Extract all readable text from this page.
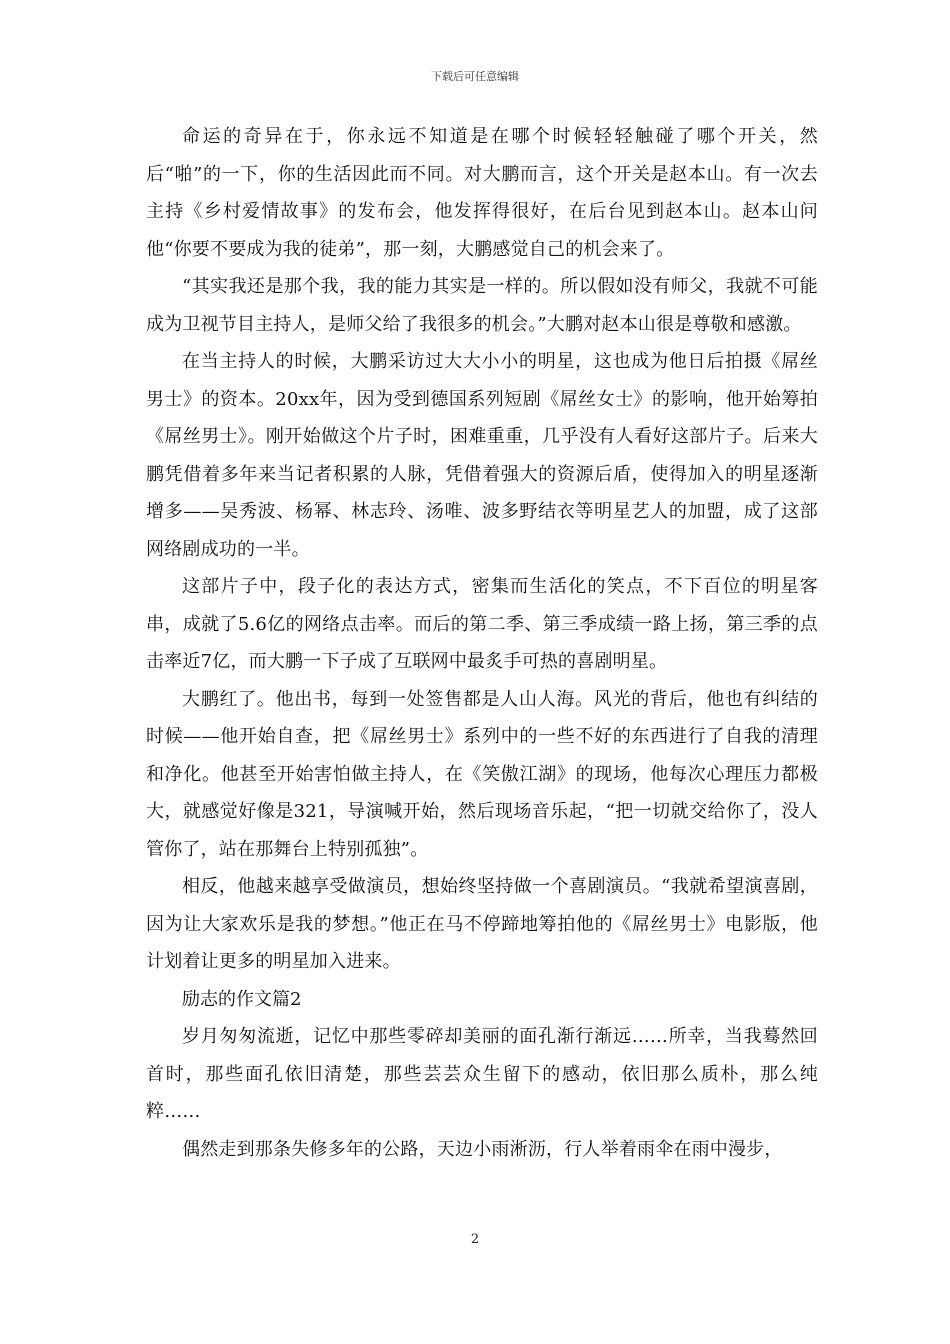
下载后可任意编辑

命运的奇异在于，你永远不知道是在哪个时候轻轻触碰了哪个开关，然后“啪”的一下，你的生活因此而不同。对大鹏而言，这个开关是赵本山。有一次去主持《乡村爱情故事》的发布会，他发挥得很好，在后台见到赵本山。赵本山问他“你要不要成为我的徒弟”，那一刻，大鹏感觉自己的机会来了。

“其实我还是那个我，我的能力其实是一样的。所以假如没有师父，我就不可能成为卫视节目主持人，是师父给了我很多的机会。”大鹏对赵本山很是尊敬和感激。

在当主持人的时候，大鹏采访过大大小小的明星，这也成为他日后拍摄《屌丝男士》的资本。20xx年，因为受到德国系列短剧《屌丝女士》的影响，他开始筹拍《屌丝男士》。刚开始做这个片子时，困难重重，几乎没有人看好这部片子。后来大鹏凭借着多年来当记者积累的人脉，凭借着强大的资源后盾，使得加入的明星逐渐增多——吴秀波、杨幂、林志玲、汤唯、波多野结衣等明星艺人的加盟，成了这部网络剧成功的一半。

这部片子中，段子化的表达方式，密集而生活化的笑点，不下百位的明星客串，成就了5.6亿的网络点击率。而后的第二季、第三季成绩一路上扬，第三季的点击率近7亿，而大鹏一下子成了互联网中最炙手可热的喜剧明星。

大鹏红了。他出书，每到一处签售都是人山人海。风光的背后，他也有纠结的时候——他开始自查，把《屌丝男士》系列中的一些不好的东西进行了自我的清理和净化。他甚至开始害怕做主持人，在《笑傲江湖》的现场，他每次心理压力都极大，就感觉好像是321，导演喊开始，然后现场音乐起，“把一切就交给你了，没人管你了，站在那舞台上特别孤独”。

相反，他越来越享受做演员，想始终坚持做一个喜剧演员。“我就希望演喜剧，因为让大家欢乐是我的梦想。”他正在马不停蹄地筹拍他的《屌丝男士》电影版，他计划着让更多的明星加入进来。

励志的作文篇2

岁月匆匆流逝，记忆中那些零碎却美丽的面孔渐行渐远……所幸，当我蓦然回首时，那些面孔依旧清楚，那些芸芸众生留下的感动，依旧那么质朴，那么纯粹……

偶然走到那条失修多年的公路，天边小雨淅沥，行人举着雨伞在雨中漫步，

2
